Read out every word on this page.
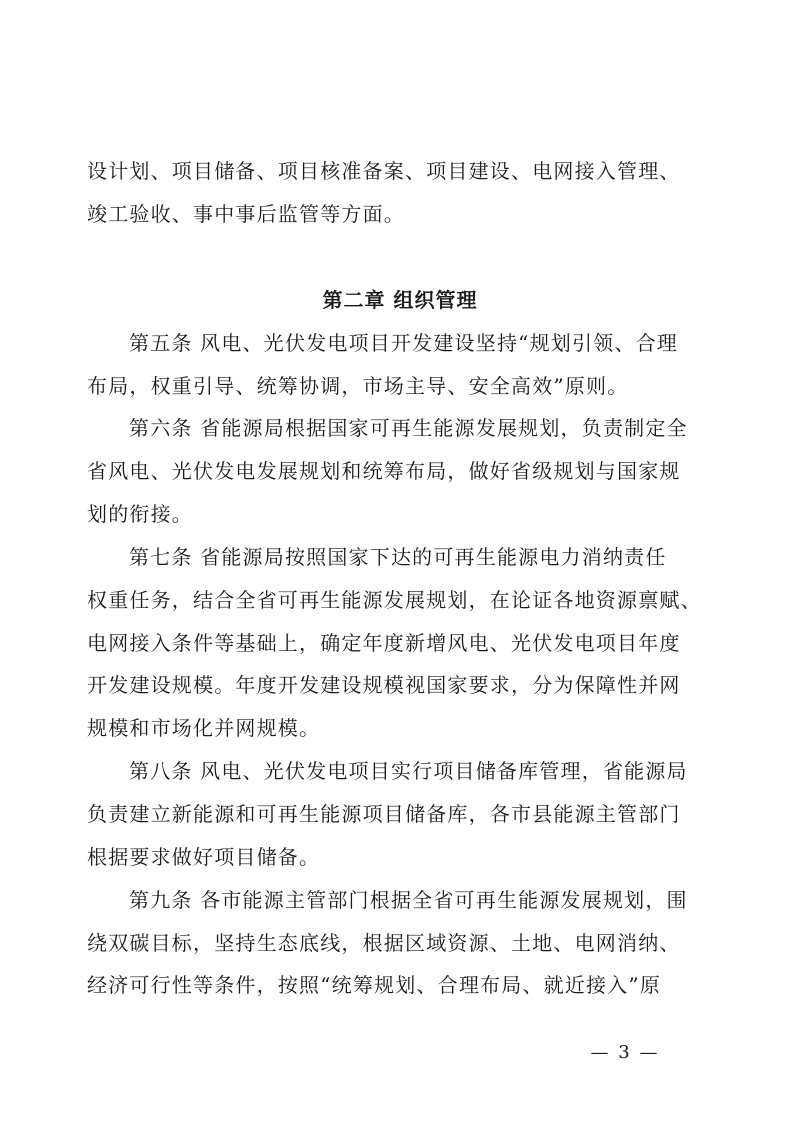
设计划、项目储备、项目核准备案、项目建设、电网接入管理、
竣工验收、事中事后监管等方面。
第二章 组织管理
第五条 风电、光伏发电项目开发建设坚持“规划引领、合理
布局，权重引导、统筹协调，市场主导、安全高效”原则。
第六条 省能源局根据国家可再生能源发展规划，负责制定全
省风电、光伏发电发展规划和统筹布局，做好省级规划与国家规
划的衔接。
第七条 省能源局按照国家下达的可再生能源电力消纳责任
权重任务，结合全省可再生能源发展规划，在论证各地资源禀赋、
电网接入条件等基础上，确定年度新增风电、光伏发电项目年度
开发建设规模。年度开发建设规模视国家要求，分为保障性并网
规模和市场化并网规模。
第八条 风电、光伏发电项目实行项目储备库管理，省能源局
负责建立新能源和可再生能源项目储备库，各市县能源主管部门
根据要求做好项目储备。
第九条 各市能源主管部门根据全省可再生能源发展规划，围
绕双碳目标，坚持生态底线，根据区域资源、土地、电网消纳、
经济可行性等条件，按照“统筹规划、合理布局、就近接入”原
— 3 —
